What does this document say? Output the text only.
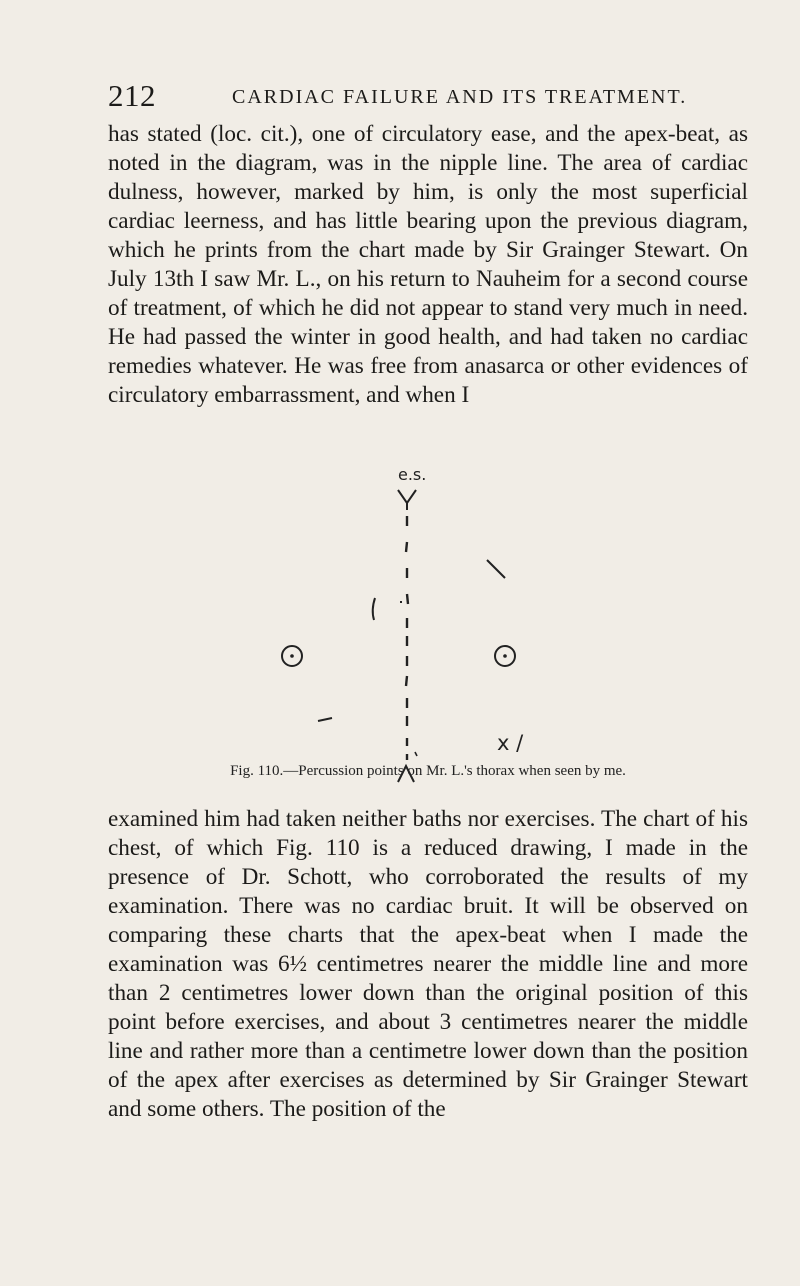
212	CARDIAC FAILURE AND ITS TREATMENT.

has stated (loc. cit.), one of circulatory ease, and the apex-beat, as noted in the diagram, was in the nipple line. The area of cardiac dulness, however, marked by him, is only the most superficial cardiac leerness, and has little bearing upon the previous diagram, which he prints from the chart made by Sir Grainger Stewart. On July 13th I saw Mr. L., on his return to Nauheim for a second course of treatment, of which he did not appear to stand very much in need. He had passed the winter in good health, and had taken no cardiac remedies whatever. He was free from anasarca or other evidences of circulatory embarrassment, and when I

e.s.
x /
Fig. 110.—Percussion points on Mr. L.'s thorax when seen by me.

examined him had taken neither baths nor exercises. The chart of his chest, of which Fig. 110 is a reduced drawing, I made in the presence of Dr. Schott, who corroborated the results of my examination. There was no cardiac bruit. It will be observed on comparing these charts that the apex-beat when I made the examination was 6½ centimetres nearer the middle line and more than 2 centimetres lower down than the original position of this point before exercises, and about 3 centimetres nearer the middle line and rather more than a centimetre lower down than the position of the apex after exercises as determined by Sir Grainger Stewart and some others. The position of the
